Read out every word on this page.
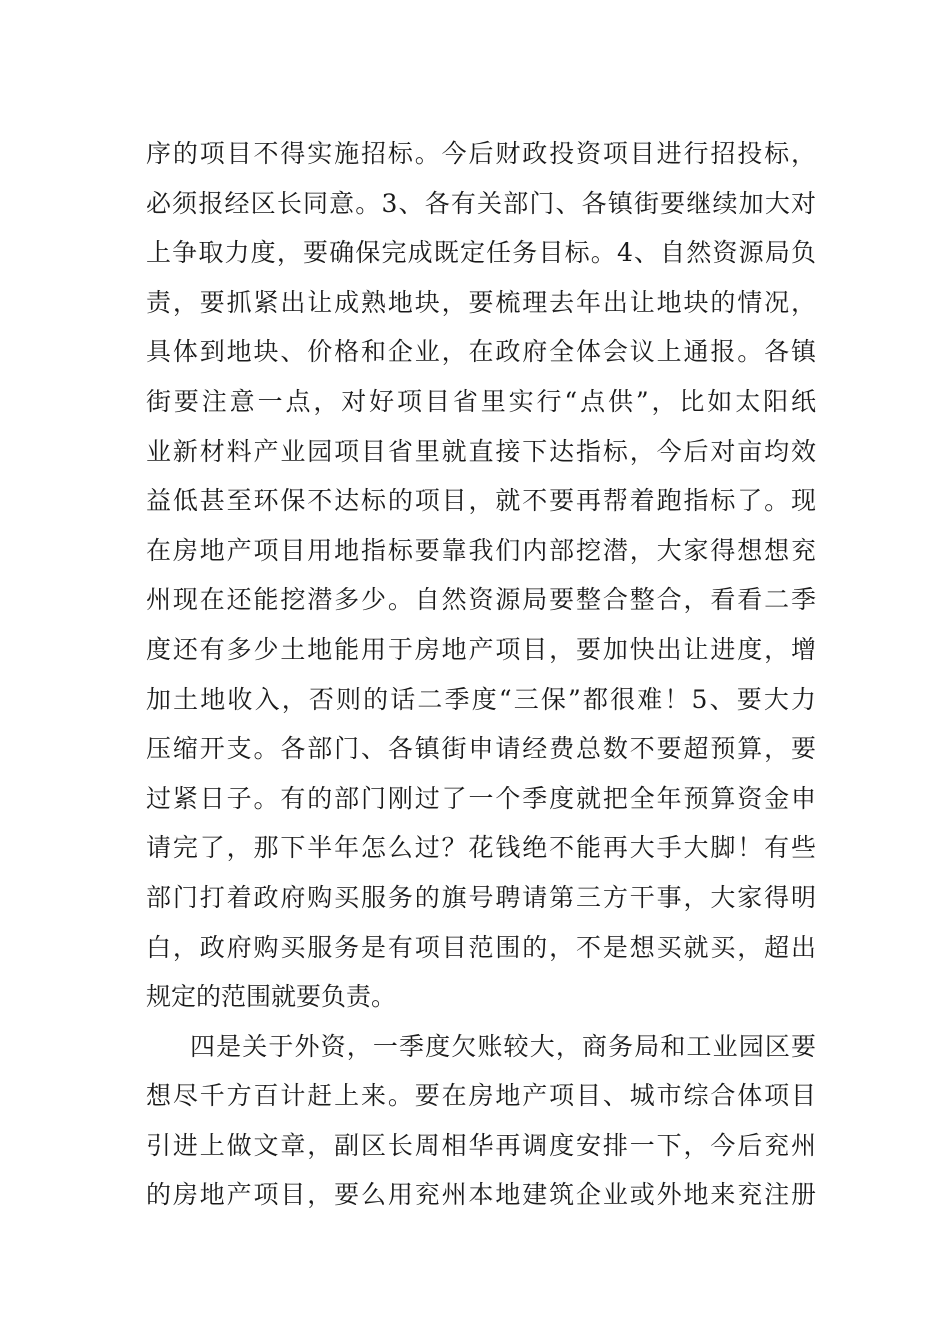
序的项目不得实施招标。今后财政投资项目进行招投标，
必须报经区长同意。3、各有关部门、各镇街要继续加大对
上争取力度，要确保完成既定任务目标。4、自然资源局负
责，要抓紧出让成熟地块，要梳理去年出让地块的情况，
具体到地块、价格和企业，在政府全体会议上通报。各镇
街要注意一点，对好项目省里实行“点供”，比如太阳纸
业新材料产业园项目省里就直接下达指标，今后对亩均效
益低甚至环保不达标的项目，就不要再帮着跑指标了。现
在房地产项目用地指标要靠我们内部挖潜，大家得想想兖
州现在还能挖潜多少。自然资源局要整合整合，看看二季
度还有多少土地能用于房地产项目，要加快出让进度，增
加土地收入，否则的话二季度“三保”都很难！5、要大力
压缩开支。各部门、各镇街申请经费总数不要超预算，要
过紧日子。有的部门刚过了一个季度就把全年预算资金申
请完了，那下半年怎么过？花钱绝不能再大手大脚！有些
部门打着政府购买服务的旗号聘请第三方干事，大家得明
白，政府购买服务是有项目范围的，不是想买就买，超出
规定的范围就要负责。
四是关于外资，一季度欠账较大，商务局和工业园区要
想尽千方百计赶上来。要在房地产项目、城市综合体项目
引进上做文章，副区长周相华再调度安排一下，今后兖州
的房地产项目，要么用兖州本地建筑企业或外地来兖注册
